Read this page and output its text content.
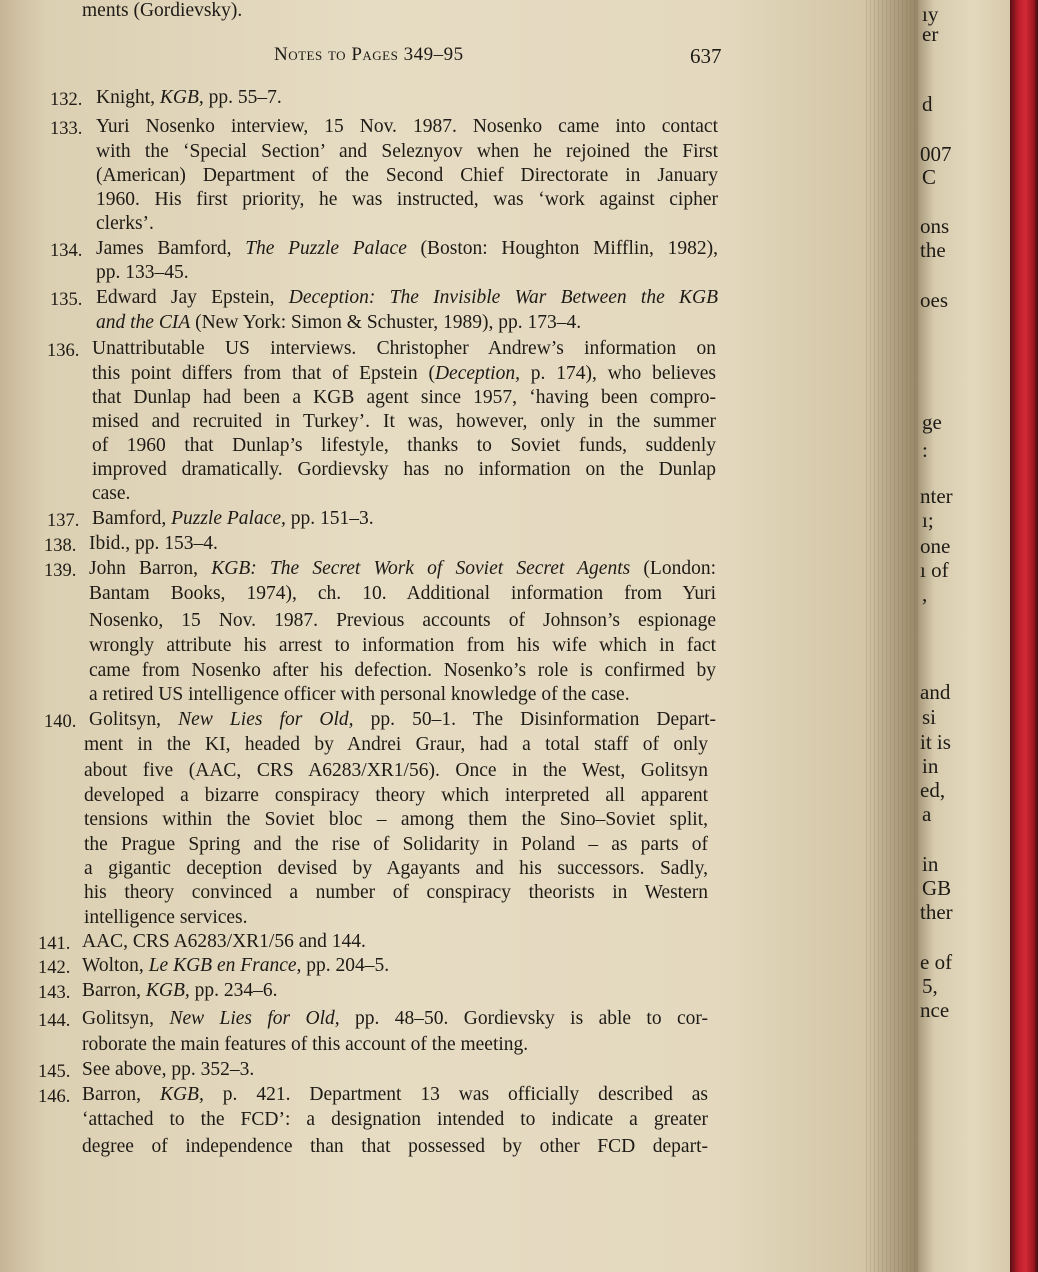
Notes to Pages 349–95	637
Knight, KGB, pp. 55–7.
132.
Yuri Nosenko interview, 15 Nov. 1987. Nosenko came into contact
133.
with the ‘Special Section’ and Seleznyov when he rejoined the First
(American) Department of the Second Chief Directorate in January
1960. His first priority, he was instructed, was ‘work against cipher
clerks’.
James Bamford, The Puzzle Palace (Boston: Houghton Mifflin, 1982),
134.
pp. 133–45.
Edward Jay Epstein, Deception: The Invisible War Between the KGB
135.
and the CIA (New York: Simon & Schuster, 1989), pp. 173–4.
Unattributable US interviews. Christopher Andrew’s information on
136.
this point differs from that of Epstein (Deception, p. 174), who believes
that Dunlap had been a KGB agent since 1957, ‘having been compro-
mised and recruited in Turkey’. It was, however, only in the summer
of 1960 that Dunlap’s lifestyle, thanks to Soviet funds, suddenly
improved dramatically. Gordievsky has no information on the Dunlap
case.
Bamford, Puzzle Palace, pp. 151–3.
137.
Ibid., pp. 153–4.
138.
John Barron, KGB: The Secret Work of Soviet Secret Agents (London:
139.
Bantam Books, 1974), ch. 10. Additional information from Yuri
Nosenko, 15 Nov. 1987. Previous accounts of Johnson’s espionage
wrongly attribute his arrest to information from his wife which in fact
came from Nosenko after his defection. Nosenko’s role is confirmed by
a retired US intelligence officer with personal knowledge of the case.
Golitsyn, New Lies for Old, pp. 50–1. The Disinformation Depart-
140.
ment in the KI, headed by Andrei Graur, had a total staff of only
about five (AAC, CRS A6283/XR1/56). Once in the West, Golitsyn
developed a bizarre conspiracy theory which interpreted all apparent
tensions within the Soviet bloc – among them the Sino–Soviet split,
the Prague Spring and the rise of Solidarity in Poland – as parts of
a gigantic deception devised by Agayants and his successors. Sadly,
his theory convinced a number of conspiracy theorists in Western
intelligence services.
AAC, CRS A6283/XR1/56 and 144.
141.
Wolton, Le KGB en France, pp. 204–5.
142.
Barron, KGB, pp. 234–6.
143.
Golitsyn, New Lies for Old, pp. 48–50. Gordievsky is able to cor-
144.
roborate the main features of this account of the meeting.
See above, pp. 352–3.
145.
Barron, KGB, p. 421. Department 13 was officially described as
146.
‘attached to the FCD’: a designation intended to indicate a greater
degree of independence than that possessed by other FCD depart-
ments (Gordievsky).	ıy
er
d
007
C
ons
the
oes
ge
:
nter
ı;
one
ı of
,
and
si
it is
in
ed,
a
in
GB
ther
e of
5,
nce
